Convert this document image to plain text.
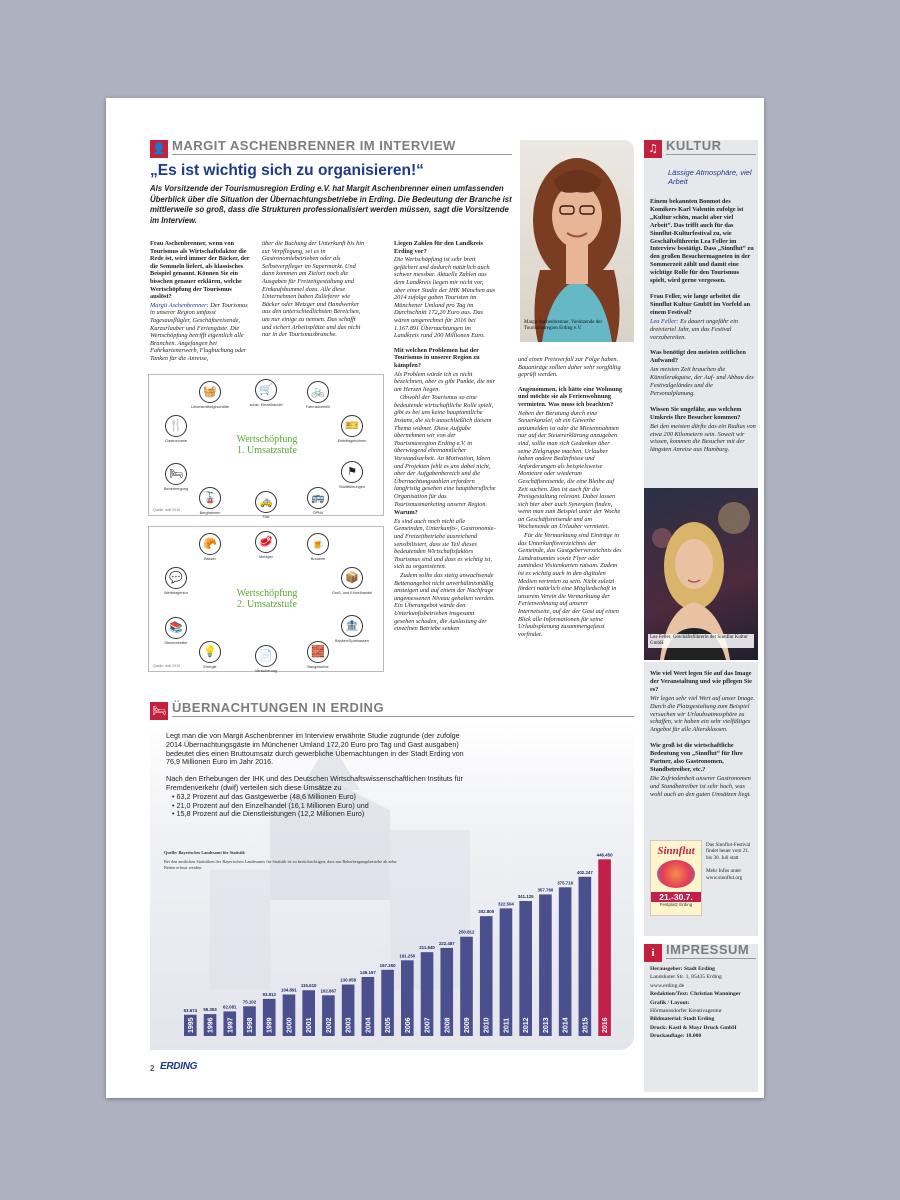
👤 MARGIT ASCHENBRENNER IM INTERVIEW
„Es ist wichtig sich zu organisieren!“
Als Vorsitzende der Tourismusregion Erding e.V. hat Margit Aschenbrenner einen umfassenden Überblick über die Situation der Übernachtungsbetriebe in Erding. Die Bedeutung der Branche ist mittlerweile so groß, dass die Strukturen professionalisiert werden müssen, sagt die Vorsitzende im Interview.

Frau Aschenbrenner, wenn von Tourismus als Wirtschaftsfaktor die Rede ist, wird immer der Bäcker, der die Semmeln liefert, als klassisches Beispiel genannt. Können Sie ein bisschen genauer erklären, welche Wertschöpfung der Tourismus auslöst?

Margit Aschenbrenner: Der Tourismus in unserer Region umfasst Tagesausflügler, Geschäftsreisende, Kurzurlauber und Feriengäste. Die Wertschöpfung betrifft eigentlich alle Branchen. Angefangen bei Fahrkartenerwerb, Flugbuchung oder Tanken für die Anreise,

über die Buchung der Unterkunft bis hin zur Verpflegung, sei es in Gastronomiebetrieben oder als Selbstverpfleger im Supermarkt. Und dann kommen am Zielort noch die Ausgaben für Freizeitgestaltung und Einkaufsbummel dazu. Alle diese Unternehmen haben Zulieferer wie Bäcker oder Metzger und Handwerker aus den unterschiedlichsten Bereichen, um nur einige zu nennen. Das schafft und sichert Arbeitsplätze und das nicht nur in der Tourismusbranche.

Liegen Zahlen für den Landkreis Erding vor?

Die Wertschöpfung ist sehr breit gefächert und dadurch natürlich auch schwer messbar. Aktuelle Zahlen aus dem Landkreis liegen mir nicht vor, aber einer Studie der IHK München aus 2014 zufolge gaben Touristen im Münchener Umland pro Tag im Durchschnitt 172,20 Euro aus. Das wären umgerechnet für 2016 bei 1.167.891 Übernachtungen im Landkreis rund 200 Millionen Euro.

Mit welchen Problemen hat der Tourismus in unserer Region zu kämpfen?

Als Problem würde ich es nicht bezeichnen, aber es gibt Punkte, die mir am Herzen liegen.

Obwohl der Tourismus so eine bedeutende wirtschaftliche Rolle spielt, gibt es bei uns keine hauptamtliche Instanz, die sich ausschließlich diesem Thema widmet. Diese Aufgabe übernehmen wir von der Tourismusregion Erding e.V. in überwiegend ehrenamtlicher Vorstandsarbeit. An Motivation, Ideen und Projekten fehlt es uns dabei nicht, aber der Aufgabenbereich und die Übernachtungszahlen erfordern langfristig gesehen eine hauptberufliche Organisation für das Tourismusmarketing unserer Region.

Warum?

Es sind auch noch nicht alle Gemeinden, Unterkunfts-, Gastronomie- und Freizeitbetriebe ausreichend sensibilisiert, dass sie Teil dieses bedeutenden Wirtschaftsfaktors Tourismus sind und dass es wichtig ist, sich zu organisieren.

Zudem sollte das stetig anwachsende Bettenangebot nicht unverhältnismäßig ansteigen und auf einem der Nachfrage angemessenen Niveau gehalten werden. Ein Überangebot würde den Unterkunftsbetrieben insgesamt gesehen schaden, die Auslastung der einzelnen Betriebe senken

und einen Preisverfall zur Folge haben. Bauanträge sollten daher sehr sorgfältig geprüft werden.

Angenommen, ich hätte eine Wohnung und möchte sie als Ferienwohnung vermieten. Was muss ich beachten?

Neben der Beratung durch eine Steuerkanzlei, ob ein Gewerbe anzumelden ist oder die Mieteinnahmen nur auf der Steuererklärung anzugeben sind, sollte man sich Gedanken über seine Zielgruppe machen. Urlauber haben andere Bedürfnisse und Anforderungen als beispielsweise Monteure oder wiederum Geschäftsreisende, die eine Bleibe auf Zeit suchen. Das ist auch für die Preisgestaltung relevant. Dabei lassen sich hier aber auch Synergien finden, wenn man zum Beispiel unter der Woche an Geschäftsreisende und am Wochenende an Urlauber vermietet.

Für die Vermarktung sind Einträge in das Unterkunftsverzeichnis der Gemeinde, das Gastgeberverzeichnis des Landratsamtes sowie Flyer oder zumindest Visitenkarten ratsam. Zudem ist es wichtig auch in den digitalen Medien vertreten zu sein. Nicht zuletzt fördert natürlich eine Mitgliedschaft in unserem Verein die Vermarktung der Ferienwohnung auf unserer Internetseite, auf der der Gast auf einen Blick alle Informationen für seine Urlaubsplanung zusammengefasst vorfindet.

Margit Aschenbrenner, Vorsitzende der Tourismusregion Erding e.V.
Wertschöpfung
1. Umsatzstufe
🧺
Lebensmittelgeschäfte
🛒
sonst. Einzelhandel
🚲
Fahrradverleih
🍴
Gastronomie
🎫
Eintrittsgebühren
🛏
Beherbergung
⚑
Stadtführungen
🚡
Bergbahnen
🚕
Taxi
🚌
ÖPNV
Quelle: dwif 2015
Wertschöpfung
2. Umsatzstufe
🥐
Bäcker
🥩
Metzger
🍺
Brauerei
💬
Werbeagentur
📦
Groß- und Einzelhandel
📚
Steuerberater
🏦
Banken/Sparkassen
💡
Energie
📄
Versicherung
🧱
Baugewerbe
Quelle: dwif 2015
♫ KULTUR
Lässige Atmosphäre, viel Arbeit

Einem bekannten Bonmot des Komikers Karl Valentin zufolge ist „Kultur schön, macht aber viel Arbeit“. Das trifft auch für das Sinnflut-Kulturfestival zu, wie Geschäftsführerin Lea Feller im Interview bestätigt. Dass „Sinnflut“ zu den großen Besuchermagneten in der Sommerzeit zählt und damit eine wichtige Rolle für den Tourismus spielt, wird gerne vergessen.

Frau Feller, wie lange arbeitet die Sinnflut Kultur GmbH im Vorfeld an einem Festival?

Lea Feller: Es dauert ungefähr ein dreiviertel Jahr, um das Festival vorzubereiten.

Was benötigt den meisten zeitlichen Aufwand?

Am meisten Zeit brauchen die Künstlerakquise, der Auf- und Abbau des Festivalgeländes und die Personalplanung.

Wissen Sie ungefähr, aus welchem Umkreis Ihre Besucher kommen?

Bei den meisten dürfte das ein Radius von etwa 200 Kilometern sein. Soweit wir wissen, kommen die Besucher mit der längsten Anreise aus Hamburg.

Lea Feller, Geschäftsführerin der Sinnflut Kultur GmbH

Wie viel Wert legen Sie auf das Image der Veranstaltung und wie pflegen Sie es?

Wir legen sehr viel Wert auf unser Image. Durch die Platzgestaltung zum Beispiel versuchen wir Urlaubsatmosphäre zu schaffen, wir haben ein sehr vielfältiges Angebot für alle Altersklassen.

Wie groß ist die wirtschaftliche Bedeutung von „Sinnflut“ für Ihre Partner, also Gastronomen, Standbetreiber, etc.?

Die Zufriedenheit unserer Gastronomen und Standbetreiber ist sehr hoch, was wohl auch an den guten Umsätzen liegt.

Sinnflut
21.-30.7.
Festplatz Erding

Das Sinnflut-Festival findet heuer vom 21. bis 30. Juli statt

Mehr Infos unter www.sinnflut.org

i IMPRESSUM

Herausgeber: Stadt Erding

Landshuter Str. 1, 85435 Erding

www.erding.de

Redaktion/Text: Christian Wanninger

Grafik / Layout:

Hörmannsdorfer Kreativagentur

Bildmaterial: Stadt Erding

Druck: Kastl & Mayr Druck GmbH

Druckauflage: 18.000

🛏 ÜBERNACHTUNGEN IN ERDING

Legt man die von Margit Aschenbrenner im Interview erwähnte Studie zugrunde (der zufolge 2014 Übernachtungsgäste im Münchener Umland 172,20 Euro pro Tag und Gast ausgaben) bedeutet dies einen Bruttoumsatz durch gewerbliche Übernachtungen in der Stadt Erding von 76,9 Millionen Euro im Jahr 2016.

Nach den Erhebungen der IHK und des Deutschen Wirtschaftswissenschaftlichen Instituts für Fremdenverkehr (dwif) verteilen sich diese Umsätze zu

• 63,2 Prozent auf das Gastgewerbe (48,6 Millionen Euro)
• 21,0 Prozent auf den Einzelhandel (16,1 Millionen Euro) und
• 15,8 Prozent auf die Dienstleistungen (12,2 Millionen Euro)

Quelle: Bayerisches Landesamt für Statistik

Bei den amtlichen Statistiken des Bayerischen Landesamts für Statistik ist zu berücksichtigen, dass nur Beherbergungsbetriebe ab zehn Betten erfasst werden.

53.674
1995
55.353
1996
62.081
1997
75.102
1998
93.812
1999
104.891
2000
115.610
2001
102.867
2002
130.058
2003
149.157
2004
167.260
2005
191.250
2006
211.840
2007
222.487
2008
250.812
2009
302.800
2010
322.504
2011
341.125
2012
357.760
2013
375.716
2014
402.247
2015
446.450
2016
2 ERDING
